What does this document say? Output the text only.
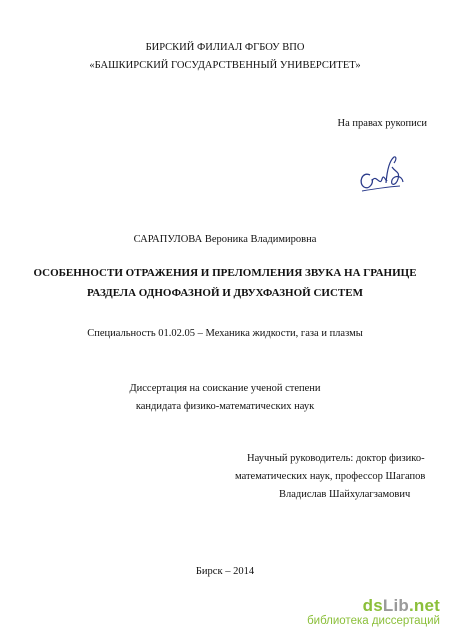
БИРСКИЙ ФИЛИАЛ ФГБОУ ВПО
«БАШКИРСКИЙ ГОСУДАРСТВЕННЫЙ УНИВЕРСИТЕТ»
На правах рукописи
САРАПУЛОВА Вероника Владимировна
ОСОБЕННОСТИ ОТРАЖЕНИЯ И ПРЕЛОМЛЕНИЯ ЗВУКА НА ГРАНИЦЕ
РАЗДЕЛА ОДНОФАЗНОЙ И ДВУХФАЗНОЙ СИСТЕМ
Специальность 01.02.05 – Механика жидкости, газа и плазмы
Диссертация на соискание ученой степени
кандидата физико-математических наук
Научный руководитель: доктор физико-
математических наук, профессор Шагапов
Владислав Шайхулагзамович
Бирск – 2014
dsLib.net
библиотека диссертаций
